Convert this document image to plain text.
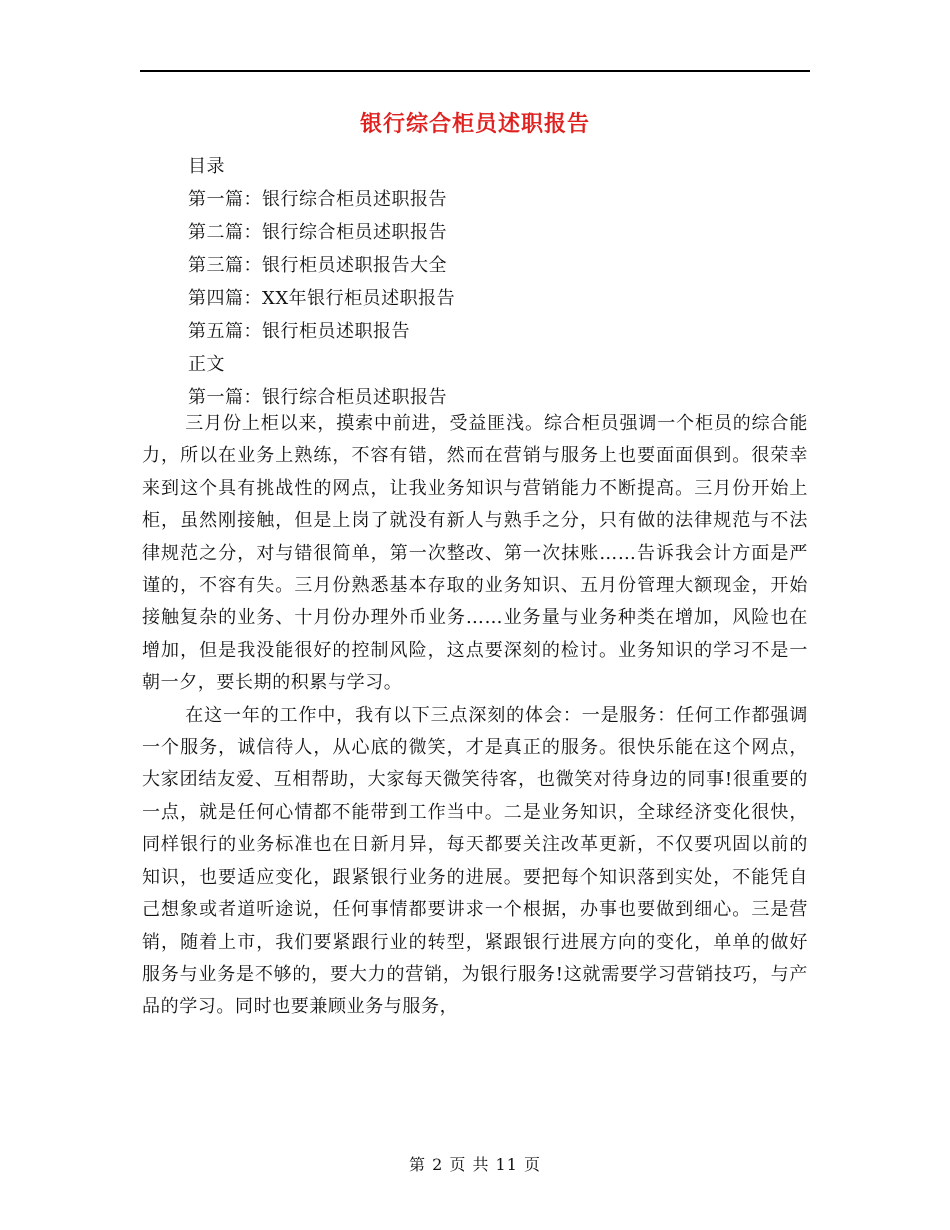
银行综合柜员述职报告
目录
第一篇：银行综合柜员述职报告
第二篇：银行综合柜员述职报告
第三篇：银行柜员述职报告大全
第四篇：XX年银行柜员述职报告
第五篇：银行柜员述职报告
正文
第一篇：银行综合柜员述职报告

三月份上柜以来，摸索中前进，受益匪浅。综合柜员强调一个柜员的综合能力，所以在业务上熟练，不容有错，然而在营销与服务上也要面面俱到。很荣幸来到这个具有挑战性的网点，让我业务知识与营销能力不断提高。三月份开始上柜，虽然刚接触，但是上岗了就没有新人与熟手之分，只有做的法律规范与不法律规范之分，对与错很简单，第一次整改、第一次抹账……告诉我会计方面是严谨的，不容有失。三月份熟悉基本存取的业务知识、五月份管理大额现金，开始接触复杂的业务、十月份办理外币业务……业务量与业务种类在增加，风险也在增加，但是我没能很好的控制风险，这点要深刻的检讨。业务知识的学习不是一朝一夕，要长期的积累与学习。

在这一年的工作中，我有以下三点深刻的体会：一是服务：任何工作都强调一个服务，诚信待人，从心底的微笑，才是真正的服务。很快乐能在这个网点，大家团结友爱、互相帮助，大家每天微笑待客，也微笑对待身边的同事!很重要的一点，就是任何心情都不能带到工作当中。二是业务知识，全球经济变化很快，同样银行的业务标准也在日新月异，每天都要关注改革更新，不仅要巩固以前的知识，也要适应变化，跟紧银行业务的进展。要把每个知识落到实处，不能凭自己想象或者道听途说，任何事情都要讲求一个根据，办事也要做到细心。三是营销，随着上市，我们要紧跟行业的转型，紧跟银行进展方向的变化，单单的做好服务与业务是不够的，要大力的营销，为银行服务!这就需要学习营销技巧，与产品的学习。同时也要兼顾业务与服务，

第 2 页 共 11 页
